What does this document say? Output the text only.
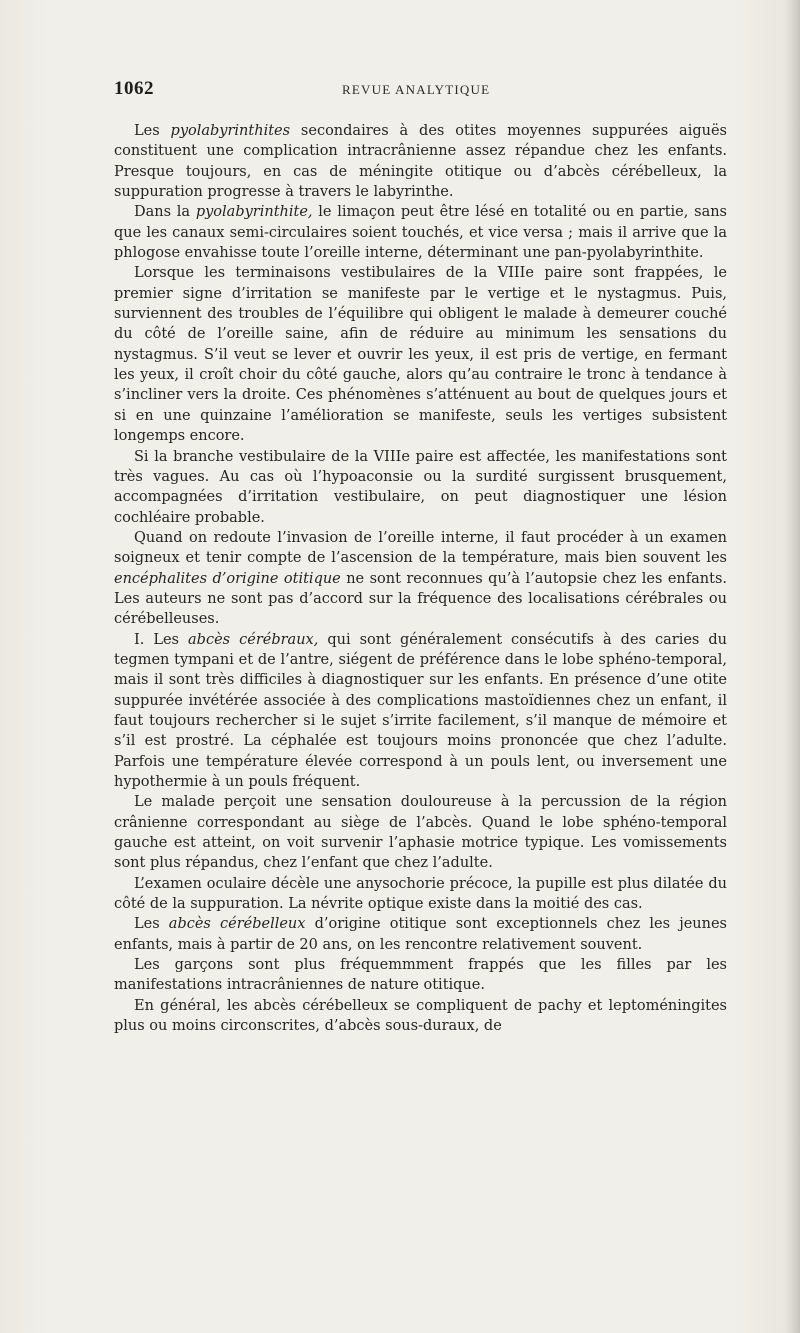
1062	REVUE ANALYTIQUE

Les pyolabyrinthites secondaires à des otites moyennes suppurées aiguës constituent une complication intracrânienne assez répandue chez les enfants. Presque toujours, en cas de méningite otitique ou d’abcès cérébelleux, la suppuration progresse à travers le labyrinthe.

Dans la pyolabyrinthite, le limaçon peut être lésé en totalité ou en partie, sans que les canaux semi-circulaires soient touchés, et vice versa ; mais il arrive que la phlogose envahisse toute l’oreille interne, déterminant une pan-pyolabyrinthite.

Lorsque les terminaisons vestibulaires de la VIIIe paire sont frappées, le premier signe d’irritation se manifeste par le vertige et le nystagmus. Puis, surviennent des troubles de l’équilibre qui obligent le malade à demeurer couché du côté de l’oreille saine, afin de réduire au minimum les sensations du nystagmus. S’il veut se lever et ouvrir les yeux, il est pris de vertige, en fermant les yeux, il croît choir du côté gauche, alors qu’au contraire le tronc à tendance à s’incliner vers la droite. Ces phénomènes s’atténuent au bout de quelques jours et si en une quinzaine l’amélioration se manifeste, seuls les vertiges subsistent longemps encore.

Si la branche vestibulaire de la VIIIe paire est affectée, les manifestations sont très vagues. Au cas où l’hypoaconsie ou la surdité surgissent brusquement, accompagnées d’irritation vestibulaire, on peut diagnostiquer une lésion cochléaire probable.

Quand on redoute l’invasion de l’oreille interne, il faut procéder à un examen soigneux et tenir compte de l’ascension de la température, mais bien souvent les encéphalites d’origine otitique ne sont reconnues qu’à l’autopsie chez les enfants. Les auteurs ne sont pas d’accord sur la fréquence des localisations cérébrales ou cérébelleuses.

I. Les abcès cérébraux, qui sont généralement consécutifs à des caries du tegmen tympani et de l’antre, siégent de préférence dans le lobe sphéno-temporal, mais il sont très difficiles à diagnostiquer sur les enfants. En présence d’une otite suppurée invétérée associée à des complications mastoïdiennes chez un enfant, il faut toujours rechercher si le sujet s’irrite facilement, s’il manque de mémoire et s’il est prostré. La céphalée est toujours moins prononcée que chez l’adulte. Parfois une température élevée correspond à un pouls lent, ou inversement une hypothermie à un pouls fréquent.

Le malade perçoit une sensation douloureuse à la percussion de la région crânienne correspondant au siège de l’abcès. Quand le lobe sphéno-temporal gauche est atteint, on voit survenir l’aphasie motrice typique. Les vomissements sont plus répandus, chez l’enfant que chez l’adulte.

L’examen oculaire décèle une anysochorie précoce, la pupille est plus dilatée du côté de la suppuration. La névrite optique existe dans la moitié des cas.

Les abcès cérébelleux d’origine otitique sont exceptionnels chez les jeunes enfants, mais à partir de 20 ans, on les rencontre relativement souvent.

Les garçons sont plus fréquemmment frappés que les filles par les manifestations intracrâniennes de nature otitique.

En général, les abcès cérébelleux se compliquent de pachy et leptoméningites plus ou moins circonscrites, d’abcès sous-duraux, de
